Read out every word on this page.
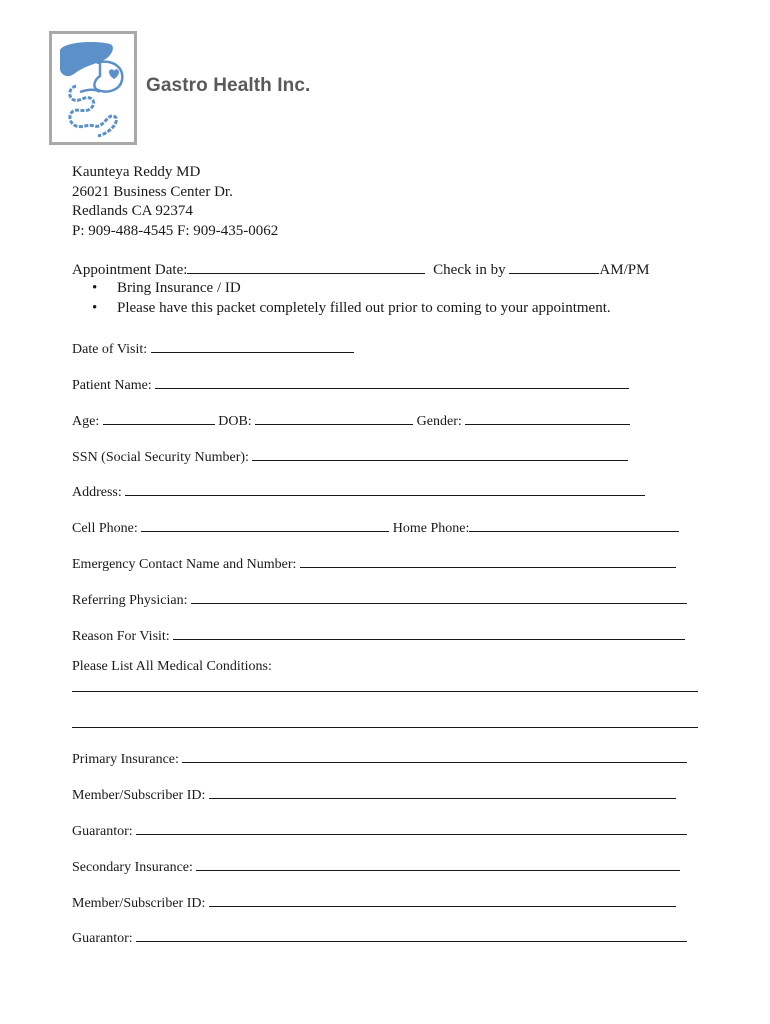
Gastro Health Inc.
Kaunteya Reddy MD
26021 Business Center Dr.
Redlands CA 92374
P: 909-488-4545 F: 909-435-0062
Appointment Date:	Check in by	AM/PM
•	Bring Insurance / ID
•	Please have this packet completely filled out prior to coming to your appointment.
Date of Visit:
Patient Name:
Age:	DOB:	Gender:
SSN (Social Security Number):
Address:
Cell Phone:	Home Phone:
Emergency Contact Name and Number:
Referring Physician:
Reason For Visit:
Please List All Medical Conditions:
Primary Insurance:
Member/Subscriber ID:
Guarantor:
Secondary Insurance:
Member/Subscriber ID:
Guarantor:
